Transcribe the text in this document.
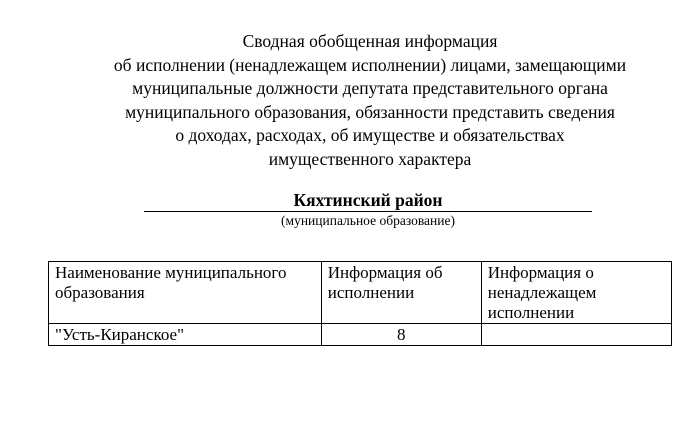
Сводная обобщенная информация
об исполнении (ненадлежащем исполнении) лицами, замещающими
муниципальные должности депутата представительного органа
муниципального образования, обязанности представить сведения
о доходах, расходах, об имуществе и обязательствах
имущественного характера
Кяхтинский район
(муниципальное образование)
Наименование муниципального образования	Информация об исполнении	Информация о ненадлежащем исполнении
"Усть-Киранское"	8	
